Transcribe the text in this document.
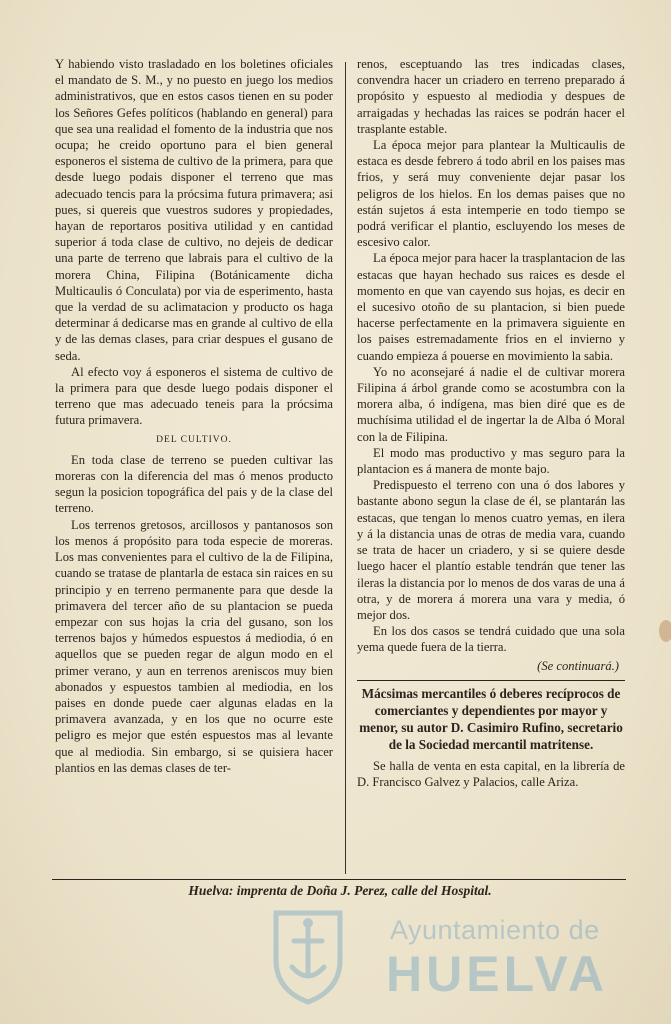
Y habiendo visto trasladado en los boletines oficiales el mandato de S. M., y no puesto en juego los medios administrativos, que en estos casos tienen en su poder los Señores Gefes políticos (hablando en general) para que sea una realidad el fomento de la industria que nos ocupa; he creido oportuno para el bien general esponeros el sistema de cultivo de la primera, para que desde luego podais disponer el terreno que mas adecuado tencis para la prócsima futura primavera; asi pues, si quereis que vuestros sudores y propiedades, hayan de reportaros positiva utilidad y en cantidad superior á toda clase de cultivo, no dejeis de dedicar una parte de terreno que labrais para el cultivo de la morera China, Filipina (Botánicamente dicha Multicaulis ó Conculata) por via de esperimento, hasta que la verdad de su aclimatacion y producto os haga determinar á dedicarse mas en grande al cultivo de ella y de las demas clases, para criar despues el gusano de seda.

Al efecto voy á esponeros el sistema de cultivo de la primera para que desde luego podais disponer el terreno que mas adecuado teneis para la prócsima futura primavera.

DEL CULTIVO.

En toda clase de terreno se pueden cultivar las moreras con la diferencia del mas ó menos producto segun la posicion topográfica del pais y de la clase del terreno.

Los terrenos gretosos, arcillosos y pantanosos son los menos á propósito para toda especie de moreras. Los mas convenientes para el cultivo de la de Filipina, cuando se tratase de plantarla de estaca sin raices en su principio y en terreno permanente para que desde la primavera del tercer año de su plantacion se pueda empezar con sus hojas la cria del gusano, son los terrenos bajos y húmedos espuestos á mediodia, ó en aquellos que se pueden regar de algun modo en el primer verano, y aun en terrenos areniscos muy bien abonados y espuestos tambien al mediodia, en los paises en donde puede caer algunas eladas en la primavera avanzada, y en los que no ocurre este peligro es mejor que estén espuestos mas al levante que al mediodia. Sin embargo, si se quisiera hacer plantios en las demas clases de ter-

renos, esceptuando las tres indicadas clases, convendra hacer un criadero en terreno preparado á propósito y espuesto al mediodia y despues de arraigadas y hechadas las raices se podrán hacer el trasplante estable.

La época mejor para plantear la Multicaulis de estaca es desde febrero á todo abril en los paises mas frios, y será muy conveniente dejar pasar los peligros de los hielos. En los demas paises que no están sujetos á esta intemperie en todo tiempo se podrá verificar el plantio, escluyendo los meses de escesivo calor.

La época mejor para hacer la trasplantacion de las estacas que hayan hechado sus raices es desde el momento en que van cayendo sus hojas, es decir en el sucesivo otoño de su plantacion, si bien puede hacerse perfectamente en la primavera siguiente en los paises estremadamente frios en el invierno y cuando empieza á pouerse en movimiento la sabia.

Yo no aconsejaré á nadie el de cultivar morera Filipina á árbol grande como se acostumbra con la morera alba, ó indígena, mas bien diré que es de muchísima utilidad el de ingertar la de Alba ó Moral con la de Filipina.

El modo mas productivo y mas seguro para la plantacion es á manera de monte bajo.

Predispuesto el terreno con una ó dos labores y bastante abono segun la clase de él, se plantarán las estacas, que tengan lo menos cuatro yemas, en ilera y á la distancia unas de otras de media vara, cuando se trata de hacer un criadero, y si se quiere desde luego hacer el plantío estable tendrán que tener las ileras la distancia por lo menos de dos varas de una á otra, y de morera á morera una vara y media, ó mejor dos.

En los dos casos se tendrá cuidado que una sola yema quede fuera de la tierra.

(Se continuará.)

Mácsimas mercantiles ó deberes recíprocos de comerciantes y dependientes por mayor y menor, su autor D. Casimiro Rufino, secretario de la Sociedad mercantil matritense.

Se halla de venta en esta capital, en la librería de D. Francisco Galvez y Palacios, calle Ariza.

Huelva: imprenta de Doña J. Perez, calle del Hospital.
Ayuntamiento de
HUELVA
